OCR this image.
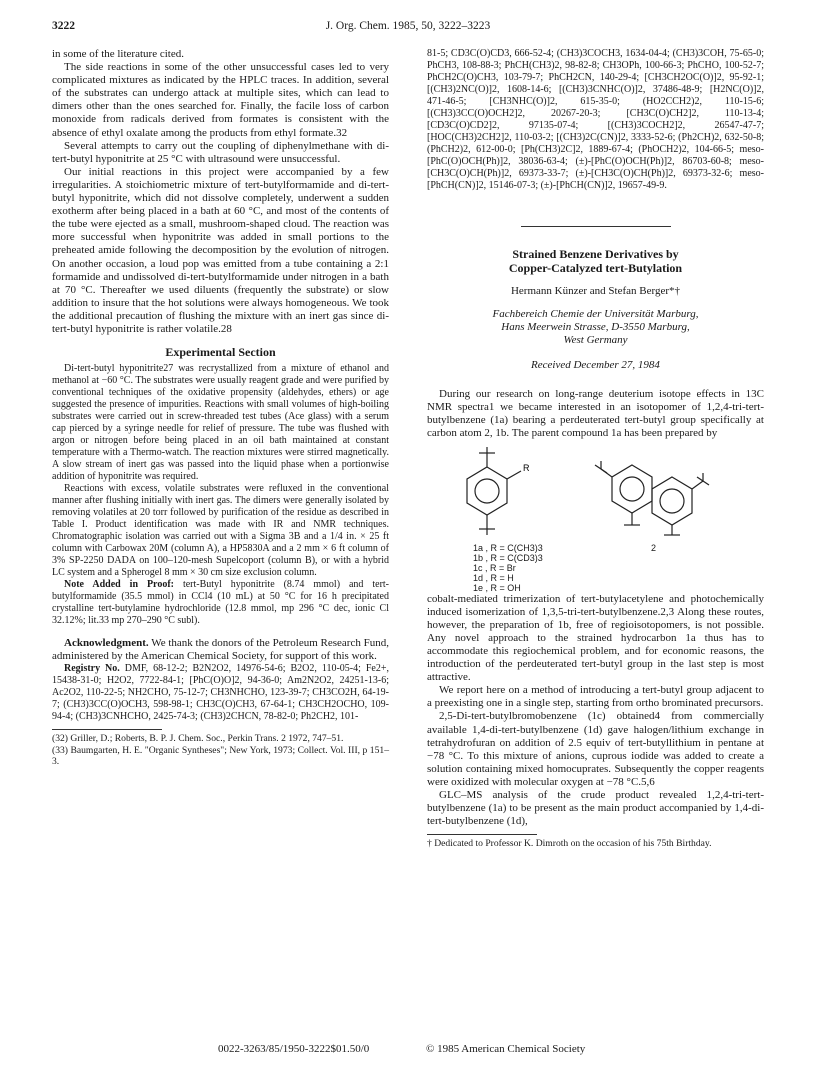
3222	J. Org. Chem. 1985, 50, 3222–3223

in some of the literature cited.

The side reactions in some of the other unsuccessful cases led to very complicated mixtures as indicated by the HPLC traces. In addition, several of the substrates can undergo attack at multiple sites, which can lead to dimers other than the ones searched for. Finally, the facile loss of carbon monoxide from radicals derived from formates is consistent with the absence of ethyl oxalate among the products from ethyl formate.32

Several attempts to carry out the coupling of diphenylmethane with di-tert-butyl hyponitrite at 25 °C with ultrasound were unsuccessful.

Our initial reactions in this project were accompanied by a few irregularities. A stoichiometric mixture of tert-butylformamide and di-tert-butyl hyponitrite, which did not dissolve completely, underwent a sudden exotherm after being placed in a bath at 60 °C, and most of the contents of the tube were ejected as a small, mushroom-shaped cloud. The reaction was more successful when hyponitrite was added in small portions to the preheated amide following the decomposition by the evolution of nitrogen. On another occasion, a loud pop was emitted from a tube containing a 2:1 formamide and undissolved di-tert-butylformamide under nitrogen in a bath at 70 °C. Thereafter we used diluents (frequently the substrate) or slow addition to insure that the hot solutions were always homogeneous. We took the additional precaution of flushing the mixture with an inert gas since di-tert-butyl hyponitrite is rather volatile.28

Experimental Section

Di-tert-butyl hyponitrite27 was recrystallized from a mixture of ethanol and methanol at −60 °C. The substrates were usually reagent grade and were purified by conventional techniques of the oxidative propensity (aldehydes, ethers) or age suggested the presence of impurities. Reactions with small volumes of high-boiling substrates were carried out in screw-threaded test tubes (Ace glass) with a serum cap pierced by a syringe needle for relief of pressure. The tube was flushed with argon or nitrogen before being placed in an oil bath maintained at constant temperature with a Thermo-watch. The reaction mixtures were stirred magnetically. A slow stream of inert gas was passed into the liquid phase when a portionwise addition of hyponitrite was required.

Reactions with excess, volatile substrates were refluxed in the conventional manner after flushing initially with inert gas. The dimers were generally isolated by removing volatiles at 20 torr followed by purification of the residue as described in Table I. Product identification was made with IR and NMR techniques. Chromatographic isolation was carried out with a Sigma 3B and a 1/4 in. × 25 ft column with Carbowax 20M (column A), a HP5830A and a 2 mm × 6 ft column of 3% SP-2250 DADA on 100–120-mesh Supelcoport (column B), or with a hybrid LC system and a Spherogel 8 mm × 30 cm size exclusion column.

Note Added in Proof: tert-Butyl hyponitrite (8.74 mmol) and tert-butylformamide (35.5 mmol) in CCl4 (10 mL) at 50 °C for 16 h precipitated crystalline tert-butylamine hydrochloride (12.8 mmol, mp 296 °C dec, ionic Cl 32.12%; lit.33 mp 270–290 °C subl).

Acknowledgment. We thank the donors of the Petroleum Research Fund, administered by the American Chemical Society, for support of this work.

Registry No. DMF, 68-12-2; B2N2O2, 14976-54-6; B2O2, 110-05-4; Fe2+, 15438-31-0; H2O2, 7722-84-1; [PhC(O)O]2, 94-36-0; Am2N2O2, 24251-13-6; Ac2O2, 110-22-5; NH2CHO, 75-12-7; CH3NHCHO, 123-39-7; CH3CO2H, 64-19-7; (CH3)3CC(O)OCH3, 598-98-1; CH3C(O)CH3, 67-64-1; CH3CH2OCHO, 109-94-4; (CH3)3CNHCHO, 2425-74-3; (CH3)2CHCN, 78-82-0; Ph2CH2, 101-

(32) Griller, D.; Roberts, B. P. J. Chem. Soc., Perkin Trans. 2 1972, 747–51.

(33) Baumgarten, H. E. "Organic Syntheses"; New York, 1973; Collect. Vol. III, p 151–3.

81-5; CD3C(O)CD3, 666-52-4; (CH3)3COCH3, 1634-04-4; (CH3)3COH, 75-65-0; PhCH3, 108-88-3; PhCH(CH3)2, 98-82-8; CH3OPh, 100-66-3; PhCHO, 100-52-7; PhCH2C(O)CH3, 103-79-7; PhCH2CN, 140-29-4; [CH3CH2OC(O)]2, 95-92-1; [(CH3)2NC(O)]2, 1608-14-6; [(CH3)3CNHC(O)]2, 37486-48-9; [H2NC(O)]2, 471-46-5; [CH3NHC(O)]2, 615-35-0; (HO2CCH2)2, 110-15-6; [(CH3)3CC(O)OCH2]2, 20267-20-3; [CH3C(O)CH2]2, 110-13-4; [CD3C(O)CD2]2, 97135-07-4; [(CH3)3COCH2]2, 26547-47-7; [HOC(CH3)2CH2]2, 110-03-2; [(CH3)2C(CN)]2, 3333-52-6; (Ph2CH)2, 632-50-8; (PhCH2)2, 612-00-0; [Ph(CH3)2C]2, 1889-67-4; (PhOCH2)2, 104-66-5; meso-[PhC(O)OCH(Ph)]2, 38036-63-4; (±)-[PhC(O)OCH(Ph)]2, 86703-60-8; meso-[CH3C(O)CH(Ph)]2, 69373-33-7; (±)-[CH3C(O)CH(Ph)]2, 69373-32-6; meso-[PhCH(CN)]2, 15146-07-3; (±)-[PhCH(CN)]2, 19657-49-9.

Strained Benzene Derivatives by
Copper-Catalyzed tert-Butylation
Hermann Künzer and Stefan Berger*†
Fachbereich Chemie der Universität Marburg,
Hans Meerwein Strasse, D-3550 Marburg,
West Germany
Received December 27, 1984

During our research on long-range deuterium isotope effects in 13C NMR spectra1 we became interested in an isotopomer of 1,2,4-tri-tert-butylbenzene (1a) bearing a perdeuterated tert-butyl group specifically at carbon atom 2, 1b. The parent compound 1a has been prepared by

R
1a , R = C(CH3)3
1b , R = C(CD3)3
1c , R = Br
1d , R = H
1e , R = OH
2

cobalt-mediated trimerization of tert-butylacetylene and photochemically induced isomerization of 1,3,5-tri-tert-butylbenzene.2,3 Along these routes, however, the preparation of 1b, free of regioisotopomers, is not possible. Any novel approach to the strained hydrocarbon 1a thus has to accommodate this regiochemical problem, and for economic reasons, the introduction of the perdeuterated tert-butyl group in the last step is most attractive.

We report here on a method of introducing a tert-butyl group adjacent to a preexisting one in a single step, starting from ortho brominated precursors.

2,5-Di-tert-butylbromobenzene (1c) obtained4 from commercially available 1,4-di-tert-butylbenzene (1d) gave halogen/lithium exchange in tetrahydrofuran on addition of 2.5 equiv of tert-butyllithium in pentane at −78 °C. To this mixture of anions, cuprous iodide was added to create a solution containing mixed homocuprates. Subsequently the copper reagents were oxidized with molecular oxygen at −78 °C.5,6

GLC–MS analysis of the crude product revealed 1,2,4-tri-tert-butylbenzene (1a) to be present as the main product accompanied by 1,4-di-tert-butylbenzene (1d),

† Dedicated to Professor K. Dimroth on the occasion of his 75th Birthday.

0022-3263/85/1950-3222$01.50/0	© 1985 American Chemical Society
